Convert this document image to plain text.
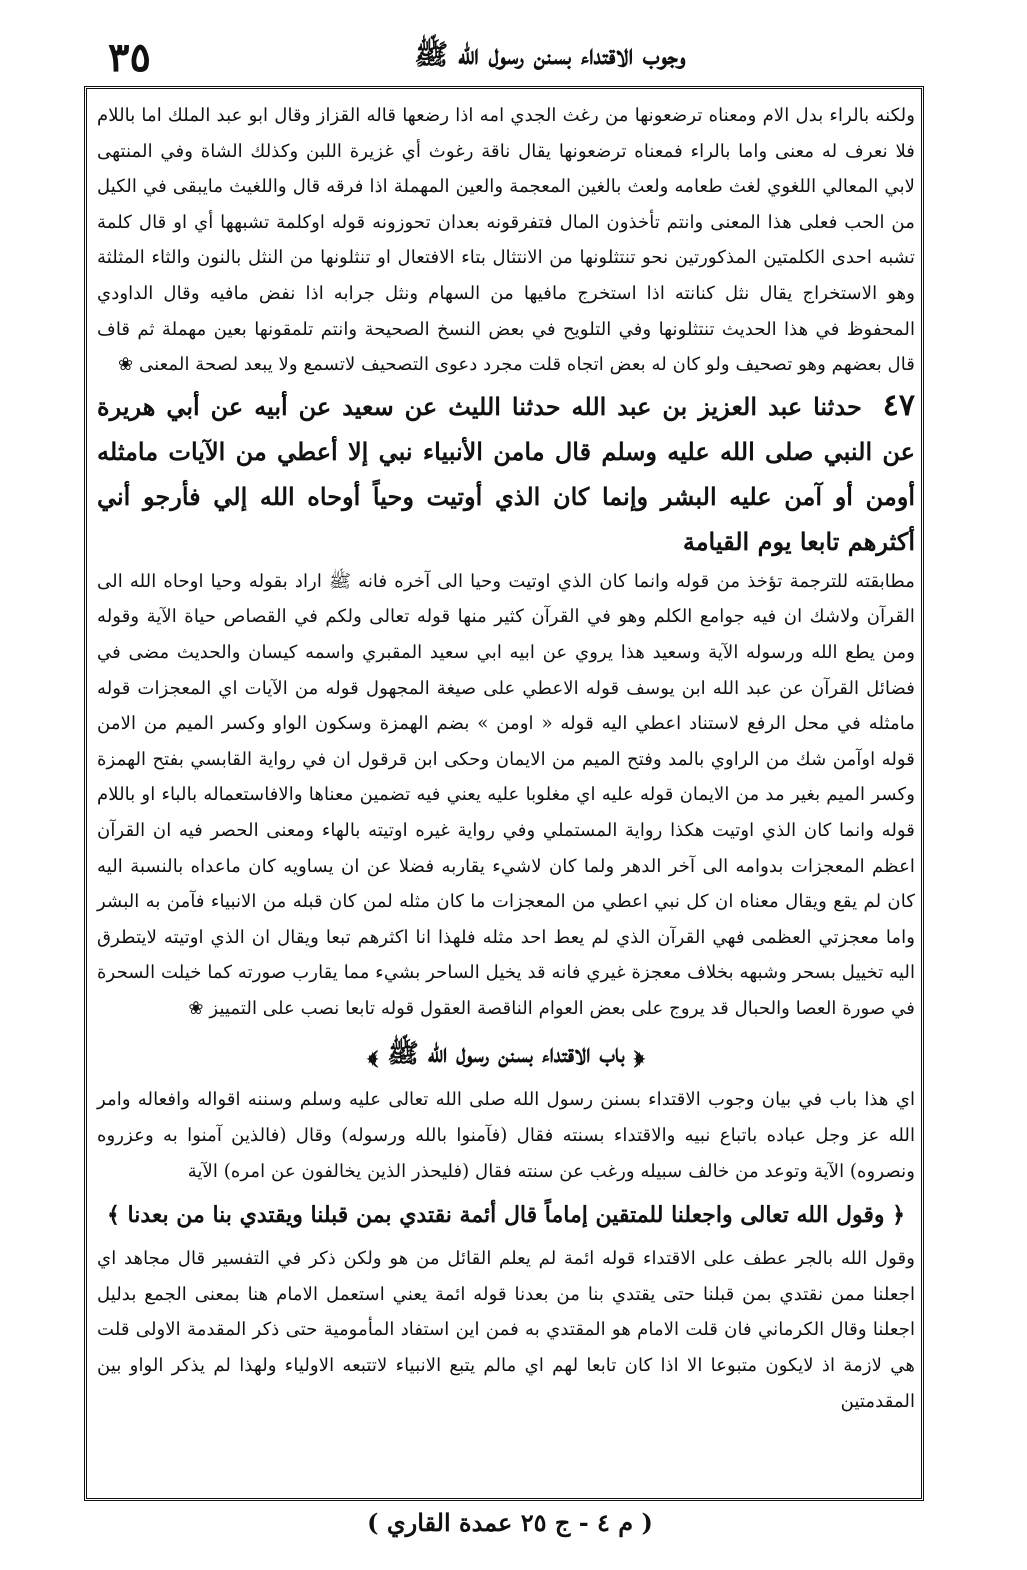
٣٥	وجوب الاقتداء بسنن رسول الله ﷺ

ولكنه بالراء بدل الام ومعناه ترضعونها من رغث الجدي امه اذا رضعها قاله القزاز وقال ابو عبد الملك اما باللام فلا نعرف له معنى واما بالراء فمعناه ترضعونها يقال ناقة رغوث أي غزيرة اللبن وكذلك الشاة وفي المنتهى لابي المعالي اللغوي لغث طعامه ولعث بالغين المعجمة والعين المهملة اذا فرقه قال واللغيث مايبقى في الكيل من الحب فعلى هذا المعنى وانتم تأخذون المال فتفرقونه بعدان تحوزونه قوله اوكلمة تشبهها أي او قال كلمة تشبه احدى الكلمتين المذكورتين نحو تنتثلونها من الانتثال بتاء الافتعال او تنثلونها من النثل بالنون والثاء المثلثة وهو الاستخراج يقال نثل كنانته اذا استخرج مافيها من السهام ونثل جرابه اذا نفض مافيه وقال الداودي المحفوظ في هذا الحديث تنتثلونها وفي التلويح في بعض النسخ الصحيحة وانتم تلمقونها بعين مهملة ثم قاف قال بعضهم وهو تصحيف ولو كان له بعض اتجاه قلت مجرد دعوى التصحيف لاتسمع ولا يبعد لصحة المعنى ❀

٤٧ حدثنا عبد العزيز بن عبد الله حدثنا الليث عن سعيد عن أبيه عن أبي هريرة عن النبي صلى الله عليه وسلم قال مامن الأنبياء نبي إلا أعطي من الآيات مامثله أومن أو آمن عليه البشر وإنما كان الذي أوتيت وحياً أوحاه الله إلي فأرجو أني أكثرهم تابعا يوم القيامة

مطابقته للترجمة تؤخذ من قوله وانما كان الذي اوتيت وحيا الى آخره فانه ﷺ اراد بقوله وحيا اوحاه الله الى القرآن ولاشك ان فيه جوامع الكلم وهو في القرآن كثير منها قوله تعالى ولكم في القصاص حياة الآية وقوله ومن يطع الله ورسوله الآية وسعيد هذا يروي عن ابيه ابي سعيد المقبري واسمه كيسان والحديث مضى في فضائل القرآن عن عبد الله ابن يوسف قوله الاعطي على صيغة المجهول قوله من الآيات اي المعجزات قوله مامثله في محل الرفع لاستناد اعطي اليه قوله « اومن » بضم الهمزة وسكون الواو وكسر الميم من الامن قوله اوآمن شك من الراوي بالمد وفتح الميم من الايمان وحكى ابن قرقول ان في رواية القابسي بفتح الهمزة وكسر الميم بغير مد من الايمان قوله عليه اي مغلوبا عليه يعني فيه تضمين معناها والافاستعماله بالباء او باللام قوله وانما كان الذي اوتيت هكذا رواية المستملي وفي رواية غيره اوتيته بالهاء ومعنى الحصر فيه ان القرآن اعظم المعجزات بدوامه الى آخر الدهر ولما كان لاشيء يقاربه فضلا عن ان يساويه كان ماعداه بالنسبة اليه كان لم يقع ويقال معناه ان كل نبي اعطي من المعجزات ما كان مثله لمن كان قبله من الانبياء فآمن به البشر واما معجزتي العظمى فهي القرآن الذي لم يعط احد مثله فلهذا انا اكثرهم تبعا ويقال ان الذي اوتيته لايتطرق اليه تخييل بسحر وشبهه بخلاف معجزة غيري فانه قد يخيل الساحر بشيء مما يقارب صورته كما خيلت السحرة في صورة العصا والحبال قد يروج على بعض العوام الناقصة العقول قوله تابعا نصب على التمييز ❀

﴿ باب الاقتداء بسنن رسول الله ﷺ ﴾

اي هذا باب في بيان وجوب الاقتداء بسنن رسول الله صلى الله تعالى عليه وسلم وسننه اقواله وافعاله وامر الله عز وجل عباده باتباع نبيه والاقتداء بسنته فقال (فآمنوا بالله ورسوله) وقال (فالذين آمنوا به وعزروه ونصروه) الآية وتوعد من خالف سبيله ورغب عن سنته فقال (فليحذر الذين يخالفون عن امره) الآية

﴿ وقول الله تعالى واجعلنا للمتقين إماماً قال أئمة نقتدي بمن قبلنا ويقتدي بنا من بعدنا ﴾

وقول الله بالجر عطف على الاقتداء قوله ائمة لم يعلم القائل من هو ولكن ذكر في التفسير قال مجاهد اي اجعلنا ممن نقتدي بمن قبلنا حتى يقتدي بنا من بعدنا قوله ائمة يعني استعمل الامام هنا بمعنى الجمع بدليل اجعلنا وقال الكرماني فان قلت الامام هو المقتدي به فمن اين استفاد المأمومية حتى ذكر المقدمة الاولى قلت هي لازمة اذ لايكون متبوعا الا اذا كان تابعا لهم اي مالم يتبع الانبياء لاتتبعه الاولياء ولهذا لم يذكر الواو بين المقدمتين

( م ٤ - ج ٢٥ عمدة القاري )
